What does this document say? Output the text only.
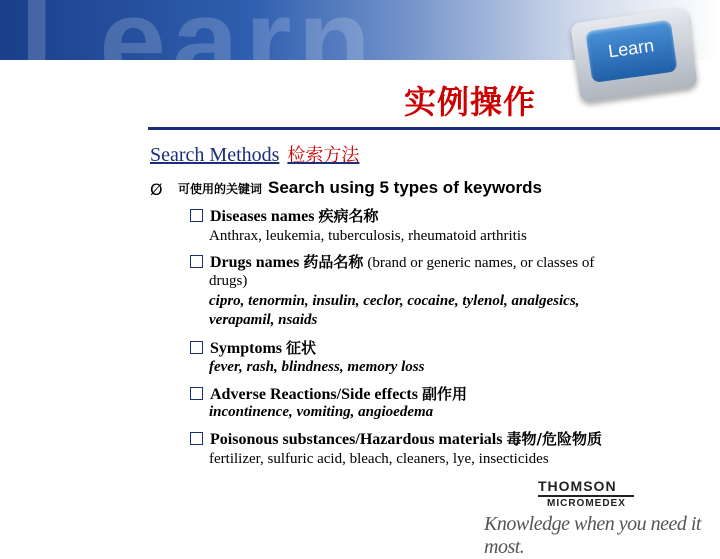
Learn	Learn
实例操作
Search Methods 检索方法
Ø 可使用的关键词 Search using 5 types of keywords
Diseases names 疾病名称
Anthrax, leukemia, tuberculosis, rheumatoid arthritis
Drugs names 药品名称 (brand or generic names, or classes of
drugs)
cipro, tenormin, insulin, ceclor, cocaine, tylenol, analgesics,
verapamil, nsaids
Symptoms 征状
fever, rash, blindness, memory loss
Adverse Reactions/Side effects 副作用
incontinence, vomiting, angioedema
Poisonous substances/Hazardous materials 毒物/危险物质
fertilizer, sulfuric acid, bleach, cleaners, lye, insecticides
THOMSON
MICROMEDEX
Knowledge when you need it most.
